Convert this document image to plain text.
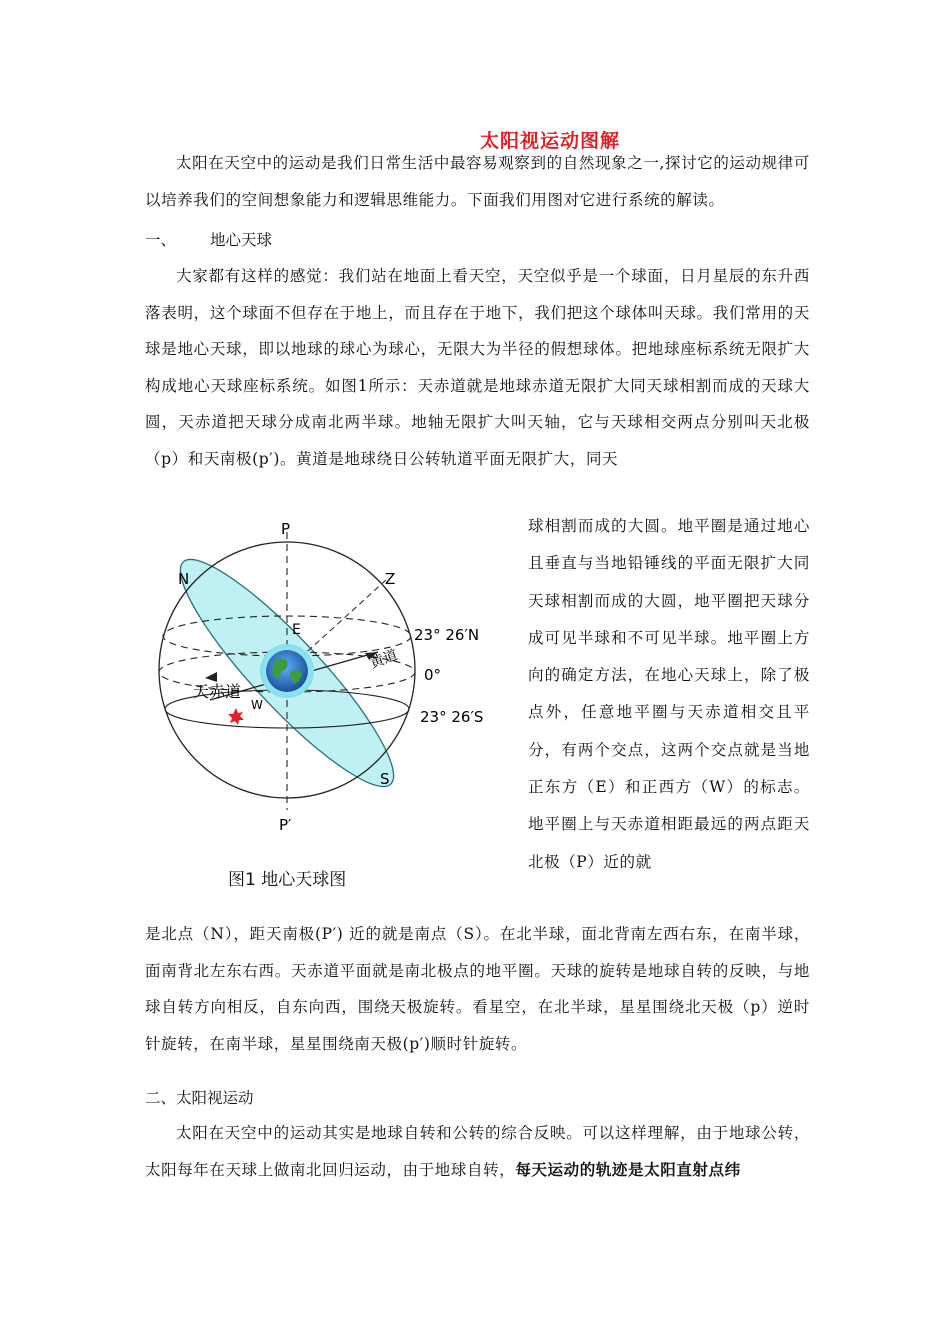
太阳视运动图解

太阳在天空中的运动是我们日常生活中最容易观察到的自然现象之一,探讨它的运动规律可以培养我们的空间想象能力和逻辑思维能力。下面我们用图对它进行系统的解读。

一、 地心天球

大家都有这样的感觉：我们站在地面上看天空，天空似乎是一个球面，日月星辰的东升西落表明，这个球面不但存在于地上，而且存在于地下，我们把这个球体叫天球。我们常用的天球是地心天球，即以地球的球心为球心，无限大为半径的假想球体。把地球座标系统无限扩大构成地心天球座标系统。如图1所示：天赤道就是地球赤道无限扩大同天球相割而成的天球大圆，天赤道把天球分成南北两半球。地轴无限扩大叫天轴，它与天球相交两点分别叫天北极（p）和天南极(p′)。黄道是地球绕日公转轨道平面无限扩大，同天

P
P′
N
S
Z
E
W
23° 26′N
0°
23° 26′S
黄道
天赤道
图1 地心天球图

球相割而成的大圆。地平圈是通过地心且垂直与当地铅锤线的平面无限扩大同天球相割而成的大圆，地平圈把天球分成可见半球和不可见半球。地平圈上方向的确定方法，在地心天球上，除了极点外，任意地平圈与天赤道相交且平分，有两个交点，这两个交点就是当地正东方（E）和正西方（W）的标志。地平圈上与天赤道相距最远的两点距天北极（P）近的就

是北点（N），距天南极(P′) 近的就是南点（S）。在北半球，面北背南左西右东，在南半球，面南背北左东右西。天赤道平面就是南北极点的地平圈。天球的旋转是地球自转的反映，与地球自转方向相反，自东向西，围绕天极旋转。看星空，在北半球，星星围绕北天极（p）逆时针旋转，在南半球，星星围绕南天极(p′)顺时针旋转。

二、太阳视运动

太阳在天空中的运动其实是地球自转和公转的综合反映。可以这样理解，由于地球公转，太阳每年在天球上做南北回归运动，由于地球自转，每天运动的轨迹是太阳直射点纬
